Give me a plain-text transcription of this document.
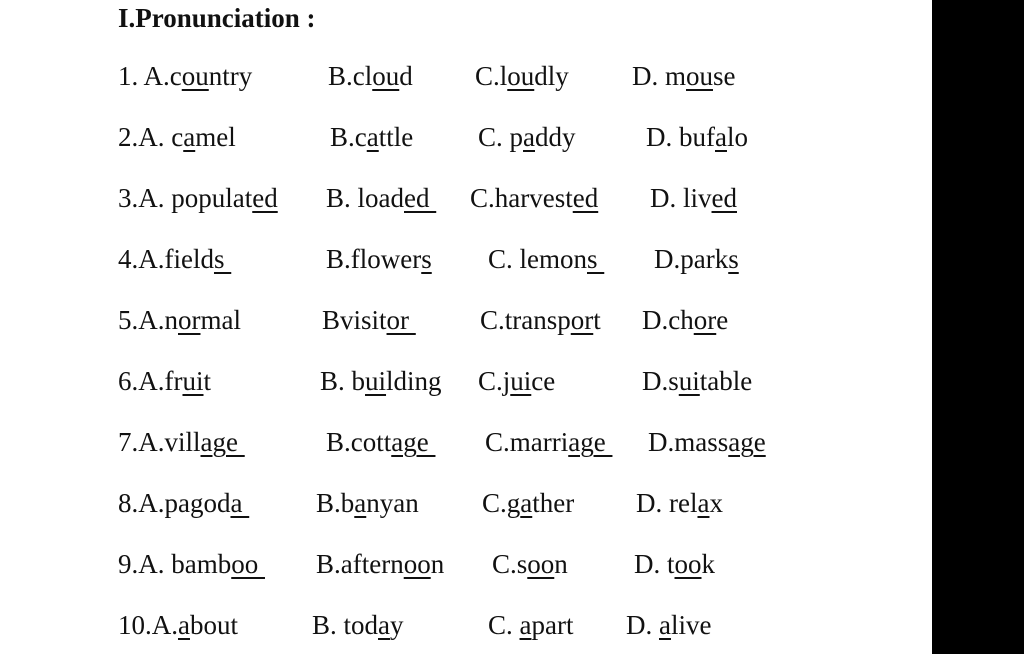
I.Pronunciation :
1. A.country	B.cloud C.loudly D. mouse
2.A. camel	B.cattle C. paddy	D. bufalo
3.A. populated B. loaded C.harvested D. lived
4.A.fields	B.flowers C. lemons D.parks
5.A.normal	Bvisitor C.transport D.chore
6.A.fruit	B. building C.juice	D.suitable
7.A.village	B.cottage C.marriage D.massage
8.A.pagoda B.banyan C.gather D. relax
9.A. bamboo B.afternoon C.soon D. took
10.A.about	B. today	C. apart D. alive
